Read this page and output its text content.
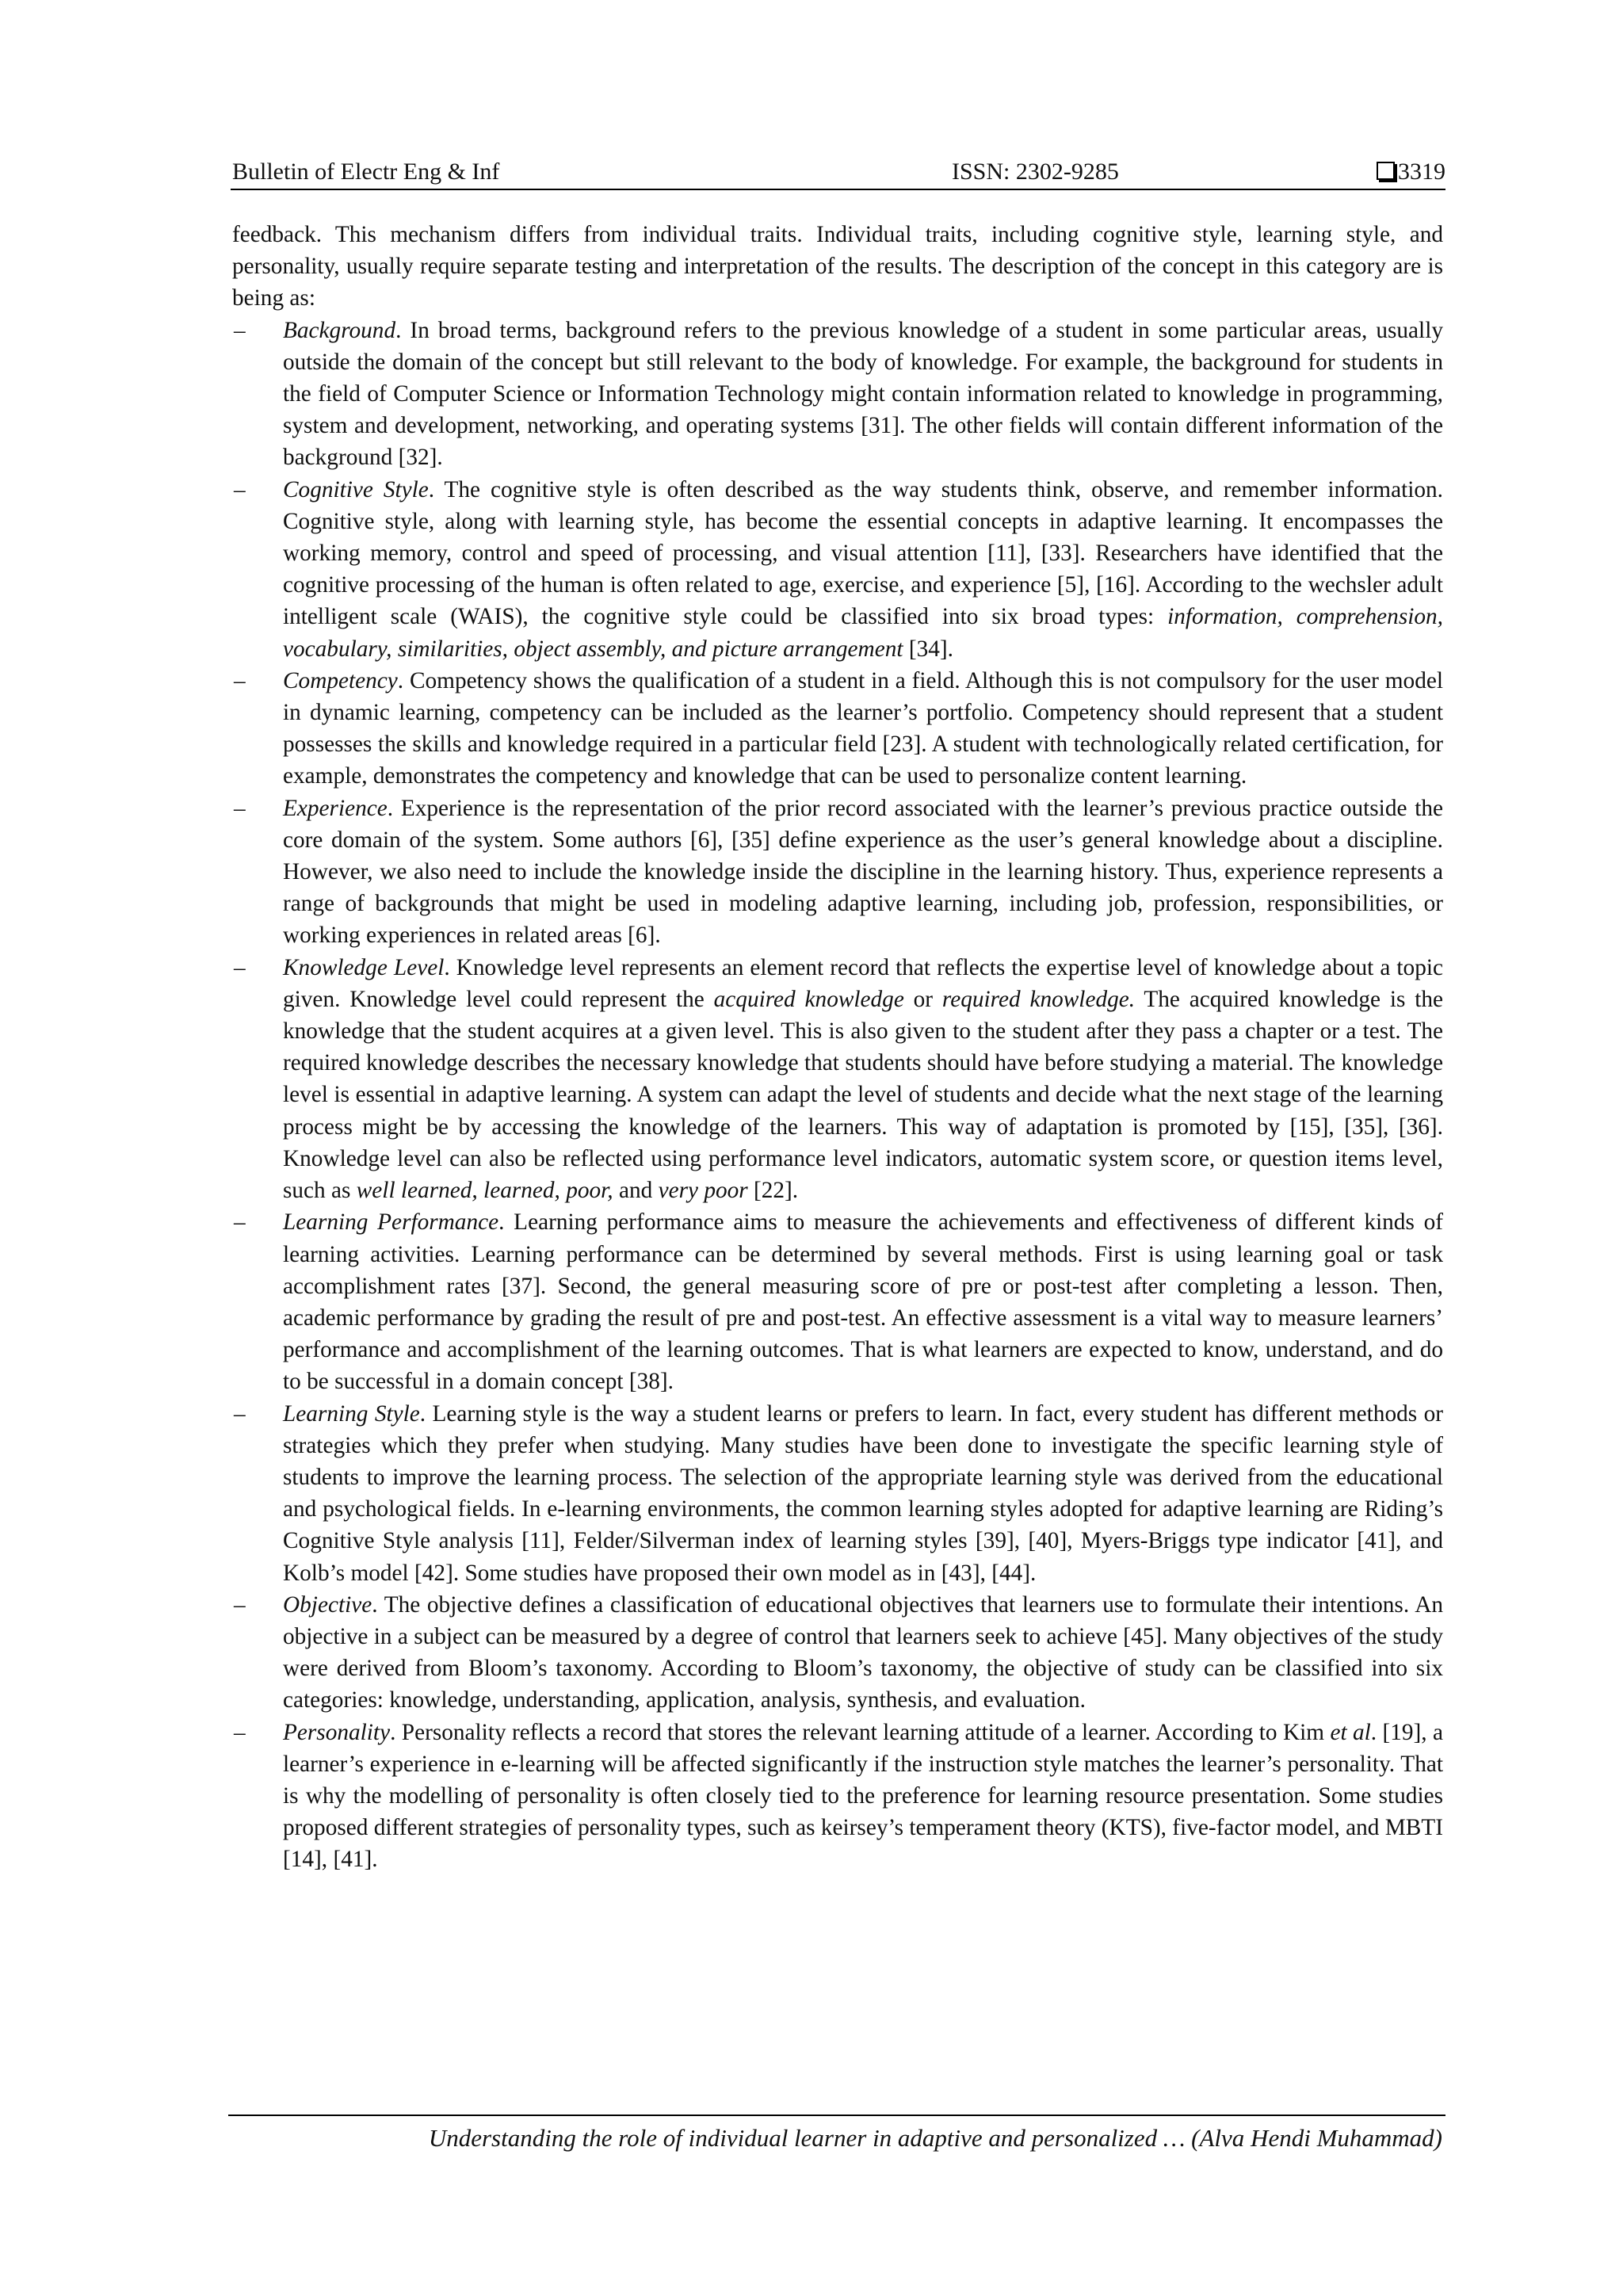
Bulletin of Electr Eng & Inf	ISSN: 2302-9285	3319

feedback. This mechanism differs from individual traits. Individual traits, including cognitive style, learning style, and personality, usually require separate testing and interpretation of the results. The description of the concept in this category are is being as:

– Background. In broad terms, background refers to the previous knowledge of a student in some particular areas, usually outside the domain of the concept but still relevant to the body of knowledge. For example, the background for students in the field of Computer Science or Information Technology might contain information related to knowledge in programming, system and development, networking, and operating systems [31]. The other fields will contain different information of the background [32].
– Cognitive Style. The cognitive style is often described as the way students think, observe, and remember information. Cognitive style, along with learning style, has become the essential concepts in adaptive learning. It encompasses the working memory, control and speed of processing, and visual attention [11], [33]. Researchers have identified that the cognitive processing of the human is often related to age, exercise, and experience [5], [16]. According to the wechsler adult intelligent scale (WAIS), the cognitive style could be classified into six broad types: information, comprehension, vocabulary, similarities, object assembly, and picture arrangement [34].
– Competency. Competency shows the qualification of a student in a field. Although this is not compulsory for the user model in dynamic learning, competency can be included as the learner’s portfolio. Competency should represent that a student possesses the skills and knowledge required in a particular field [23]. A student with technologically related certification, for example, demonstrates the competency and knowledge that can be used to personalize content learning.
– Experience. Experience is the representation of the prior record associated with the learner’s previous practice outside the core domain of the system. Some authors [6], [35] define experience as the user’s general knowledge about a discipline. However, we also need to include the knowledge inside the discipline in the learning history. Thus, experience represents a range of backgrounds that might be used in modeling adaptive learning, including job, profession, responsibilities, or working experiences in related areas [6].
– Knowledge Level. Knowledge level represents an element record that reflects the expertise level of knowledge about a topic given. Knowledge level could represent the acquired knowledge or required knowledge. The acquired knowledge is the knowledge that the student acquires at a given level. This is also given to the student after they pass a chapter or a test. The required knowledge describes the necessary knowledge that students should have before studying a material. The knowledge level is essential in adaptive learning. A system can adapt the level of students and decide what the next stage of the learning process might be by accessing the knowledge of the learners. This way of adaptation is promoted by [15], [35], [36]. Knowledge level can also be reflected using performance level indicators, automatic system score, or question items level, such as well learned, learned, poor, and very poor [22].
– Learning Performance. Learning performance aims to measure the achievements and effectiveness of different kinds of learning activities. Learning performance can be determined by several methods. First is using learning goal or task accomplishment rates [37]. Second, the general measuring score of pre or post-test after completing a lesson. Then, academic performance by grading the result of pre and post-test. An effective assessment is a vital way to measure learners’ performance and accomplishment of the learning outcomes. That is what learners are expected to know, understand, and do to be successful in a domain concept [38].
– Learning Style. Learning style is the way a student learns or prefers to learn. In fact, every student has different methods or strategies which they prefer when studying. Many studies have been done to investigate the specific learning style of students to improve the learning process. The selection of the appropriate learning style was derived from the educational and psychological fields. In e-learning environments, the common learning styles adopted for adaptive learning are Riding’s Cognitive Style analysis [11], Felder/Silverman index of learning styles [39], [40], Myers-Briggs type indicator [41], and Kolb’s model [42]. Some studies have proposed their own model as in [43], [44].
– Objective. The objective defines a classification of educational objectives that learners use to formulate their intentions. An objective in a subject can be measured by a degree of control that learners seek to achieve [45]. Many objectives of the study were derived from Bloom’s taxonomy. According to Bloom’s taxonomy, the objective of study can be classified into six categories: knowledge, understanding, application, analysis, synthesis, and evaluation.
– Personality. Personality reflects a record that stores the relevant learning attitude of a learner. According to Kim et al. [19], a learner’s experience in e-learning will be affected significantly if the instruction style matches the learner’s personality. That is why the modelling of personality is often closely tied to the preference for learning resource presentation. Some studies proposed different strategies of personality types, such as keirsey’s temperament theory (KTS), five-factor model, and MBTI [14], [41].
Understanding the role of individual learner in adaptive and personalized … (Alva Hendi Muhammad)
